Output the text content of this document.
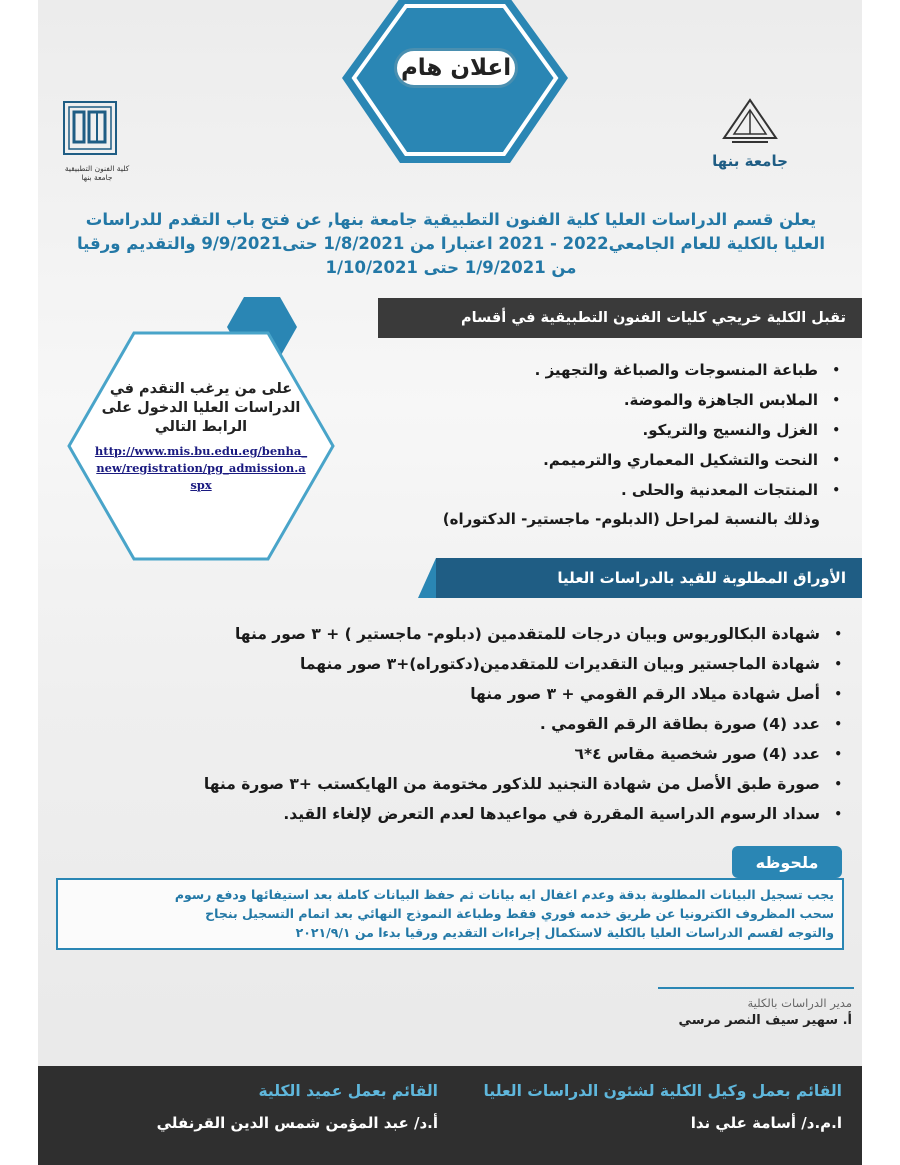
اعلان هام
كلية الفنون التطبيقية
جامعة بنها
جامعة بنها
يعلن قسم الدراسات العليا كلية الفنون التطبيقية جامعة بنها, عن فتح باب التقدم للدراسات
العليا بالكلية للعام الجامعي2022 - 2021 اعتبارا من 1/8/2021 حتى9/9/2021 والتقديم ورقيا
من 1/9/2021 حتى 1/10/2021
تقبل الكلية خريجي كليات الفنون التطبيقية في أقسام
على من يرغب التقدم في
الدراسات العليا الدخول على
الرابط التالي
http://www.mis.bu.edu.eg/benha_new/registration/pg_admission.aspx
•
طباعة المنسوجات والصباغة والتجهيز .
•
الملابس الجاهزة والموضة.
•
الغزل والنسيج والتريكو.
•
النحت والتشكيل المعماري والترميمم.
•
المنتجات المعدنية والحلى .
وذلك بالنسبة لمراحل (الدبلوم- ماجستير- الدكتوراه)
الأوراق المطلوبة للقيد بالدراسات العليا
•
شهادة البكالوريوس وبيان درجات للمتقدمين (دبلوم- ماجستير ) + ٣ صور منها
•
شهادة الماجستير وبيان التقديرات للمتقدمين(دكتوراه)+٣ صور منهما
•
أصل شهادة ميلاد الرقم القومي + ٣ صور منها
•
عدد (4) صورة بطاقة الرقم القومي .
•
عدد (4) صور شخصية مقاس ٤*٦
•
صورة طبق الأصل من شهادة التجنيد للذكور مختومة من الهايكستب +٣ صورة منها
•
سداد الرسوم الدراسية المقررة في مواعيدها لعدم التعرض لإلغاء القيد.
ملحوظه
يجب تسجيل البيانات المطلوبة بدقة وعدم اغفال ايه بيانات ثم حفظ البيانات كاملة بعد استيفائها ودفع رسوم
سحب المظروف الكترونيا عن طريق خدمه فوري فقط وطباعة النموذج النهائي بعد اتمام التسجيل بنجاح
والتوجه لقسم الدراسات العليا بالكلية لاستكمال إجراءات التقديم ورقيا بدءا من ٢٠٢١/٩/١
مدير الدراسات بالكلية
أ. سهير سيف النصر مرسي
القائم بعمل وكيل الكلية لشئون الدراسات العليا
ا.م.د/ أسامة علي ندا
القائم بعمل عميد الكلية
أ.د/ عبد المؤمن شمس الدين القرنفلي
